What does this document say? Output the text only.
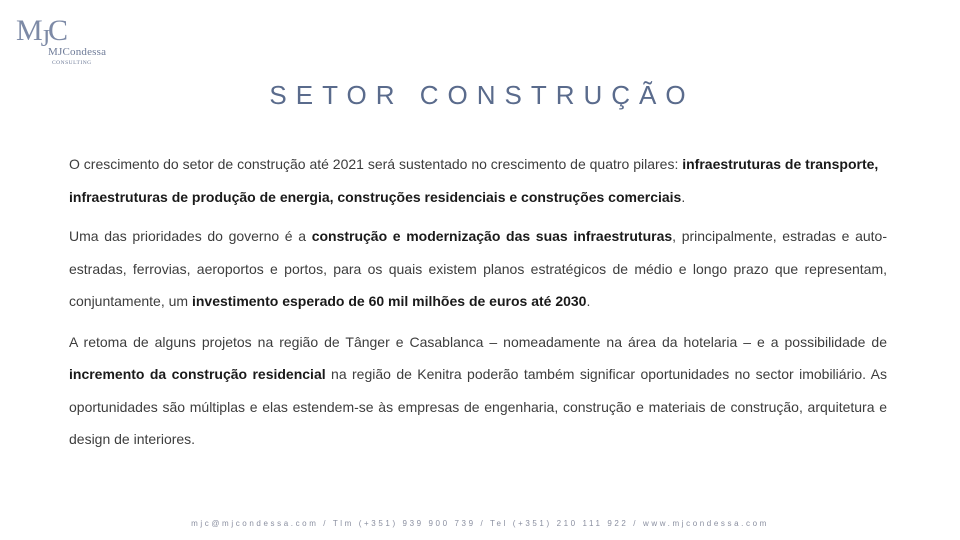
$M_JC$
MJCondessa
CONSULTING
SETOR CONSTRUÇÃO

O crescimento do setor de construção até 2021 será sustentado no crescimento de quatro pilares: infraestruturas de transporte, infraestruturas de produção de energia, construções residenciais e construções comerciais.

Uma das prioridades do governo é a construção e modernização das suas infraestruturas, principalmente, estradas e auto-estradas, ferrovias, aeroportos e portos, para os quais existem planos estratégicos de médio e longo prazo que representam, conjuntamente, um investimento esperado de 60 mil milhões de euros até 2030.

A retoma de alguns projetos na região de Tânger e Casablanca – nomeadamente na área da hotelaria – e a possibilidade de incremento da construção residencial na região de Kenitra poderão também significar oportunidades no sector imobiliário. As oportunidades são múltiplas e elas estendem-se às empresas de engenharia, construção e materiais de construção, arquitetura e design de interiores.

mjc@mjcondessa.com / Tlm (+351) 939 900 739 / Tel (+351) 210 111 922 / www.mjcondessa.com
